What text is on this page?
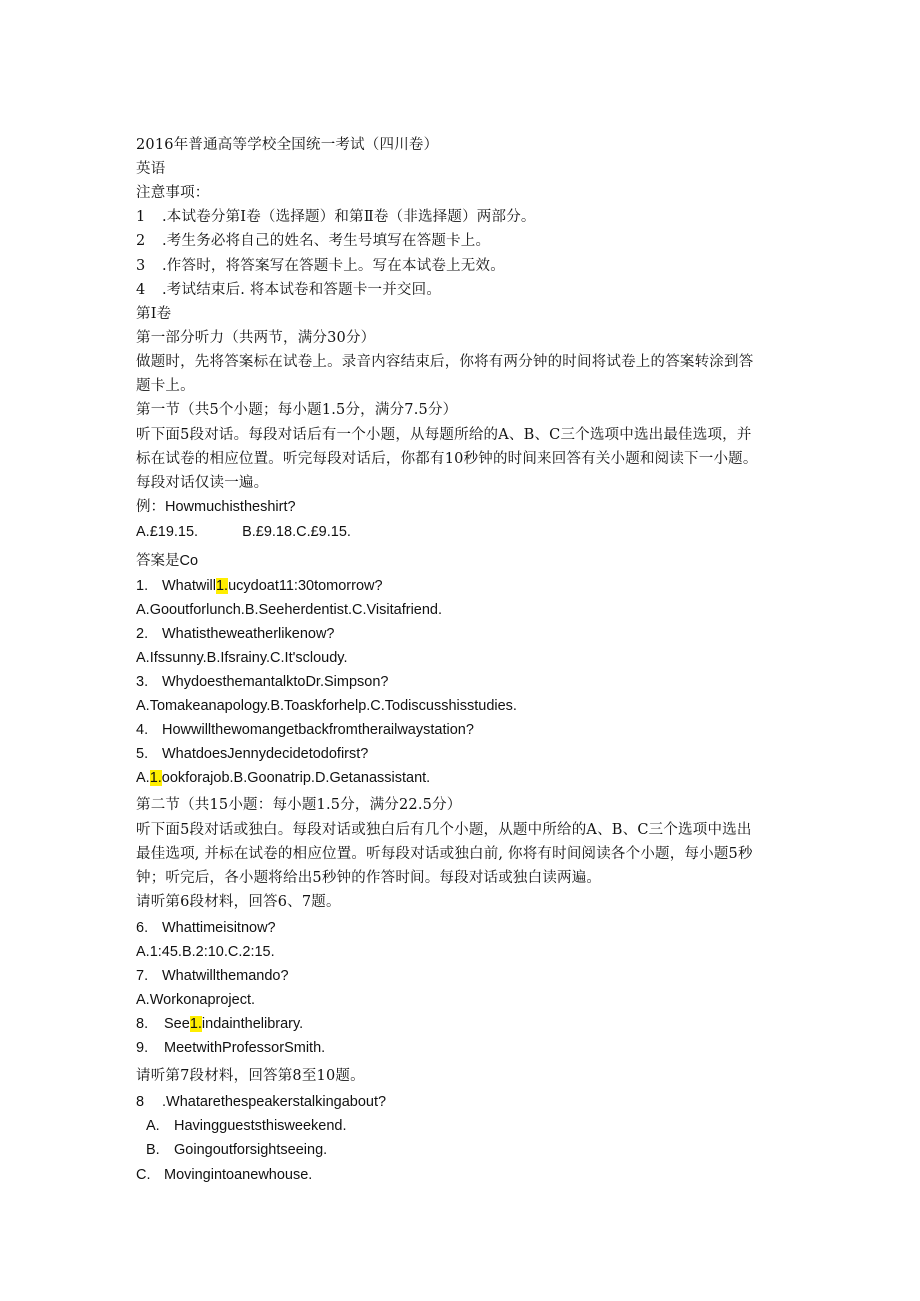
2016年普通高等学校全国统一考试（四川卷）
英语
注意事项：
1 .本试卷分第Ⅰ卷（选择题）和第Ⅱ卷（非选择题）两部分。
2 .考生务必将自己的姓名、考生号填写在答题卡上。
3 .作答时，将答案写在答题卡上。写在本试卷上无效。
4 .考试结束后. 将本试卷和答题卡一并交回。
第Ⅰ卷
第一部分听力（共两节，满分30分）
做题时，先将答案标在试卷上。录音内容结束后，你将有两分钟的时间将试卷上的答案转涂到答
题卡上。
第一节（共5个小题；每小题1.5分，满分7.5分）
听下面5段对话。每段对话后有一个小题，从每题所给的A、B、C三个选项中选出最佳选项，并
标在试卷的相应位置。听完每段对话后，你都有10秒钟的时间来回答有关小题和阅读下一小题。
每段对话仅读一遍。
例：Howmuchistheshirt?
A.£19.15.	B.£9.18.C.£9.15.
答案是Co
1. Whatwill1.ucydoat11:30tomorrow?
A.Gooutforlunch.B.Seeherdentist.C.Visitafriend.
2. Whatistheweatherlikenow?
A.Ifssunny.B.Ifsrainy.C.It'scloudy.
3. WhydoesthemantalktoDr.Simpson?
A.Tomakeanapology.B.Toaskforhelp.C.Todiscusshisstudies.
4. Howwillthewomangetbackfromtherailwaystation?
5. WhatdoesJennydecidetodofirst?
A.1.ookforajob.B.Goonatrip.D.Getanassistant.
第二节（共15小题：每小题1.5分，满分22.5分）
听下面5段对话或独白。每段对话或独白后有几个小题，从题中所给的A、B、C三个选项中选出
最佳选项, 并标在试卷的相应位置。听每段对话或独白前, 你将有时间阅读各个小题，每小题5秒
钟；听完后，各小题将给出5秒钟的作答时间。每段对话或独白读两遍。
请听第6段材料，回答6、7题。
6. Whattimeisitnow?
A.1:45.B.2:10.C.2:15.
7. Whatwillthemando?
A.Workonaproject.
8. See1.indainthelibrary.
9. MeetwithProfessorSmith.
请听第7段材料，回答第8至10题。
8 .Whatarethespeakerstalkingabout?
A. Havinggueststhisweekend.
B. Goingoutforsightseeing.
C. Movingintoanewhouse.
